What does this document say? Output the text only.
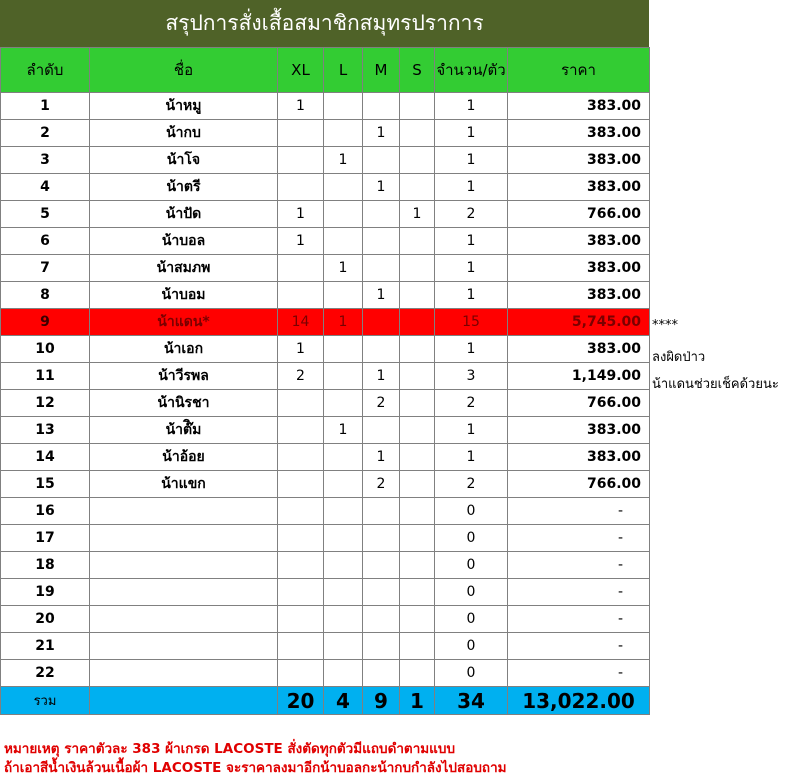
สรุปการสั่งเสื้อสมาชิกสมุทรปราการ
ลำดับ	ชื่อ	XL	L	M	S	จำนวน/ตัว	ราคา
1	น้าหมู	1				1	383.00
2	น้ากบ			1		1	383.00
3	น้าโจ		1			1	383.00
4	น้าตรี			1		1	383.00
5	น้าปัด	1			1	2	766.00
6	น้าบอล	1				1	383.00
7	น้าสมภพ		1			1	383.00
8	น้าบอม			1		1	383.00
9	น้าแดน*	14	1			15	5,745.00
10	น้าเอก	1				1	383.00
11	น้าวีรพล	2		1		3	1,149.00
12	น้านิรชา			2		2	766.00
13	น้าต๊ิม		1			1	383.00
14	น้าอ้อย			1		1	383.00
15	น้าแขก			2		2	766.00
16						0	-
17						0	-
18						0	-
19						0	-
20						0	-
21						0	-
22						0	-
รวม		20	4	9	1	34	13,022.00
****
ลงผิดป่าว
น้าแดนช่วยเช็คด้วยนะ
หมายเหตุ ราคาตัวละ 383 ผ้าเกรด LACOSTE สั่งตัดทุกตัวมีแถบดำตามแบบ
ถ้าเอาสีน้ำเงินล้วนเนื้อผ้า LACOSTE จะราคาลงมาอีกน้าบอลกะน้ากบกำลังไปสอบถาม
